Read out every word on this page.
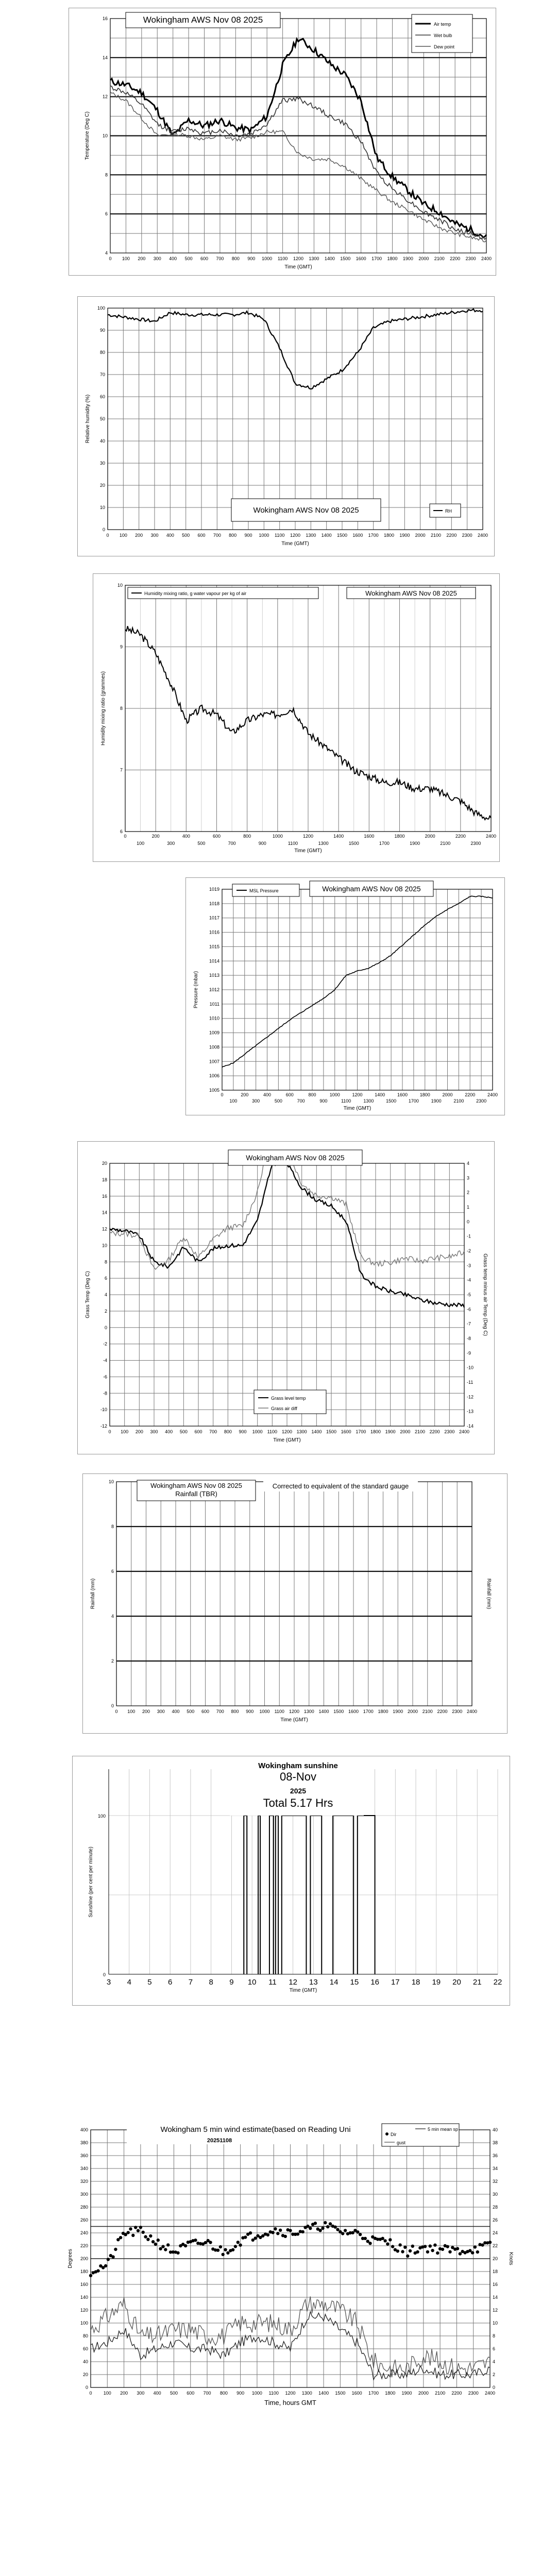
4
6
8
10
12
14
16
0 100 200 300 400 500 600 700 800 900 1000 1100 1200 1300 1400 1500 1600 1700 1800 1900 2000 2100 2200 2300 2400
Temperature (Deg C)
Time (GMT)
Wokingham AWS Nov 08 2025	Air temp
Wet bulb
Dew point
0
10
20
30
40
50
60
70
80
90
100
0 100 200 300 400 500 600 700 800 900 1000 1100 1200 1300 1400 1500 1600 1700 1800 1900 2000 2100 2200 2300 2400
Relative humidity (%)
Time (GMT)
Wokingham AWS Nov 08 2025	RH
6
7
8
9
10
0	200	400	600	800	1000	1200	1400	1600	1800	2000	2200	2400
100	300	500	700	900	1100	1300	1500	1700	1900	2100	2300
Humidity mixing ratio (grammes)
Time (GMT)
Humidity mixing ratio, g water vapour per kg of air	Wokingham AWS Nov 08 2025
1005
1006
1007
1008
1009
1010
1011
1012
1013
1014
1015
1016
1017
1018
1019
0	200	400	600	800	1000	1200	1400	1600	1800	2000	2200	2400
100	300	500	700	900	1100	1300	1500	1700	1900	2100	2300
Pressure (mbar)
Time (GMT)
MSL Pressure	Wokingham AWS Nov 08 2025
-12
-10
-8
-6
-4
-2
0
2
4
6
8
10
12
14
16
18
20
-14
-13
-12
-11
-10
-9
-8
-7
-6
-5
-4
-3
-2
-1
0
1
2
3
4
0 100 200 300 400 500 600 700 800 900 1000 1100 1200 1300 1400 1500 1600 1700 1800 1900 2000 2100 2200 2300 2400
Grass Temp (Deg C)	Grass temp minus air Temp (Deg C)
Time (GMT)
Wokingham AWS Nov 08 2025
Grass level temp
Grass air diff
0
2
4
6
8
10
0 100 200 300 400 500 600 700 800 900 1000 1100 1200 1300 1400 1500 1600 1700 1800 1900 2000 2100 2200 2300 2400
Rainfall (mm)	Rainfall (mm)
Time (GMT)
Wokingham AWS Nov 08 2025
Rainfall (TBR)
Corrected to equivalent of the standard gauge
0
100
3 4 5 6 7 8 9 10 11 12 13 14 15 16 17 18 19 20 21 22
Sunshine (per cent per minute)
Time (GMT)
Wokingham sunshine
08-Nov
2025
Total 5.17 Hrs
0
20
40
60
80
100
120
140
160
180
200
220
240
260
280
300
320
340
360
380
400
0
2
4
6
8
10
12
14
16
18
20
22
24
26
28
30
32
34
36
38
40
0 100 200 300 400 500 600 700 800 900 1000 1100 1200 1300 1400 1500 1600 1700 1800 1900 2000 2100 2200 2300 2400
Degrees	Knots
Time, hours GMT
Wokingham 5 min wind estimate(based on Reading Uni
20251108
Dir
5 min mean sp
gust
